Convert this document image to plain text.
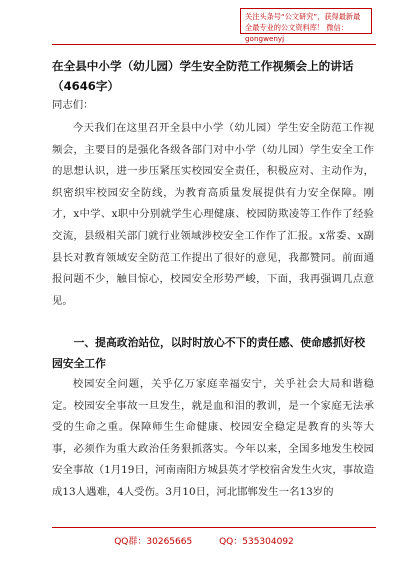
关注头条号“公文研究”，获得最新最全最专业的公文资料库！ 微信：gongwenyj
在全县中小学（幼儿园）学生安全防范工作视频会上的讲话（4646字）
同志们：
今天我们在这里召开全县中小学（幼儿园）学生安全防范工作视频会，主要目的是强化各级各部门对中小学（幼儿园）学生安全工作的思想认识，进一步压紧压实校园安全责任，积极应对、主动作为，织密织牢校园安全防线，为教育高质量发展提供有力安全保障。刚才，x中学、x职中分别就学生心理健康、校园防欺凌等工作作了经验交流，县级相关部门就行业领域涉校安全工作作了汇报。x常委、x副县长对教育领域安全防范工作提出了很好的意见，我都赞同。前面通报问题不少，触目惊心，校园安全形势严峻，下面，我再强调几点意见。
一、提高政治站位，以时时放心不下的责任感、使命感抓好校园安全工作
校园安全问题，关乎亿万家庭幸福安宁，关乎社会大局和谐稳定。校园安全事故一旦发生，就是血和泪的教训，是一个家庭无法承受的生命之重。保障师生生命健康、校园安全稳定是教育的头等大事，必须作为重大政治任务狠抓落实。今年以来，全国多地发生校园安全事故（1月19日，河南南阳方城县英才学校宿舍发生火灾，事故造成13人遇难，4人受伤。3月10日，河北邯郸发生一名13岁的
QQ群：30265665	QQ：535304092
